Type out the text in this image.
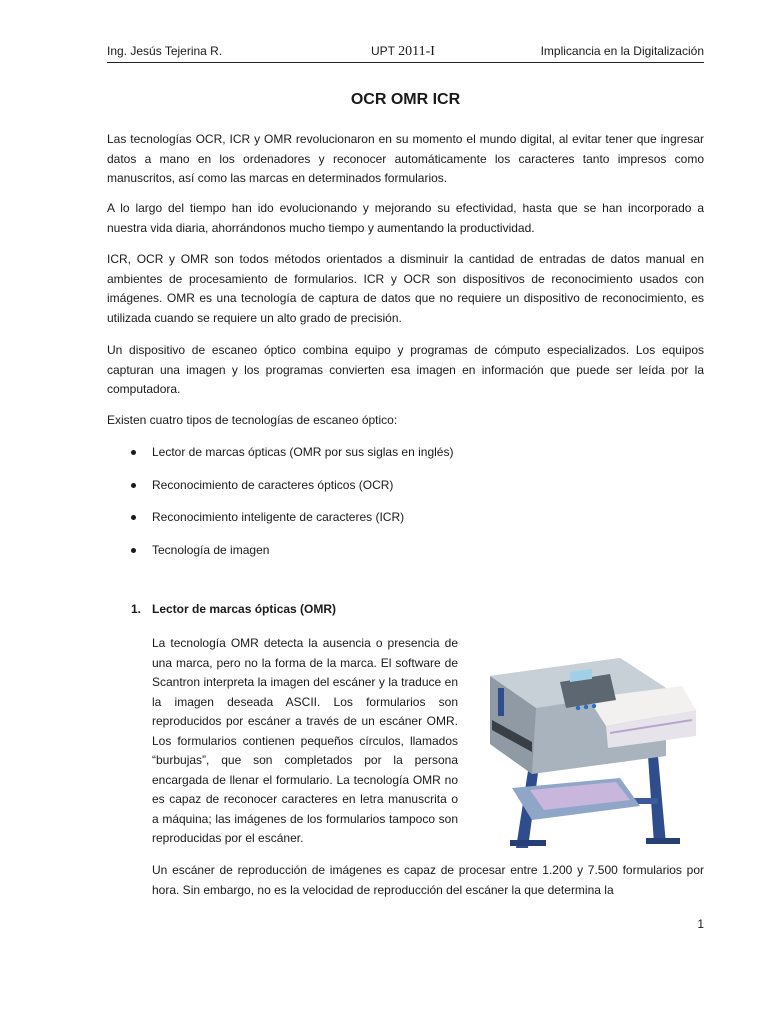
Ing. Jesús Tejerina R.	UPT 2011-I	Implicancia en la Digitalización
OCR OMR ICR

Las tecnologías OCR, ICR y OMR revolucionaron en su momento el mundo digital, al evitar tener que ingresar datos a mano en los ordenadores y reconocer automáticamente los caracteres tanto impresos como manuscritos, así como las marcas en determinados formularios.

A lo largo del tiempo han ido evolucionando y mejorando su efectividad, hasta que se han incorporado a nuestra vida diaria, ahorrándonos mucho tiempo y aumentando la productividad.

ICR, OCR y OMR son todos métodos orientados a disminuir la cantidad de entradas de datos manual en ambientes de procesamiento de formularios. ICR y OCR son dispositivos de reconocimiento usados con imágenes. OMR es una tecnología de captura de datos que no requiere un dispositivo de reconocimiento, es utilizada cuando se requiere un alto grado de precisión.

Un dispositivo de escaneo óptico combina equipo y programas de cómputo especializados. Los equipos capturan una imagen y los programas convierten esa imagen en información que puede ser leída por la computadora.

Existen cuatro tipos de tecnologías de escaneo óptico:

Lector de marcas ópticas (OMR por sus siglas en inglés)
Reconocimiento de caracteres ópticos (OCR)
Reconocimiento inteligente de caracteres (ICR)
Tecnología de imagen
1. Lector de marcas ópticas (OMR)

La tecnología OMR detecta la ausencia o presencia de una marca, pero no la forma de la marca. El software de Scantron interpreta la imagen del escáner y la traduce en la imagen deseada ASCII. Los formularios son reproducidos por escáner a través de un escáner OMR. Los formularios contienen pequeños círculos, llamados “burbujas”, que son completados por la persona encargada de llenar el formulario. La tecnología OMR no es capaz de reconocer caracteres en letra manuscrita o a máquina; las imágenes de los formularios tampoco son reproducidas por el escáner.

Un escáner de reproducción de imágenes es capaz de procesar entre 1.200 y 7.500 formularios por hora. Sin embargo, no es la velocidad de reproducción del escáner la que determina la

1
